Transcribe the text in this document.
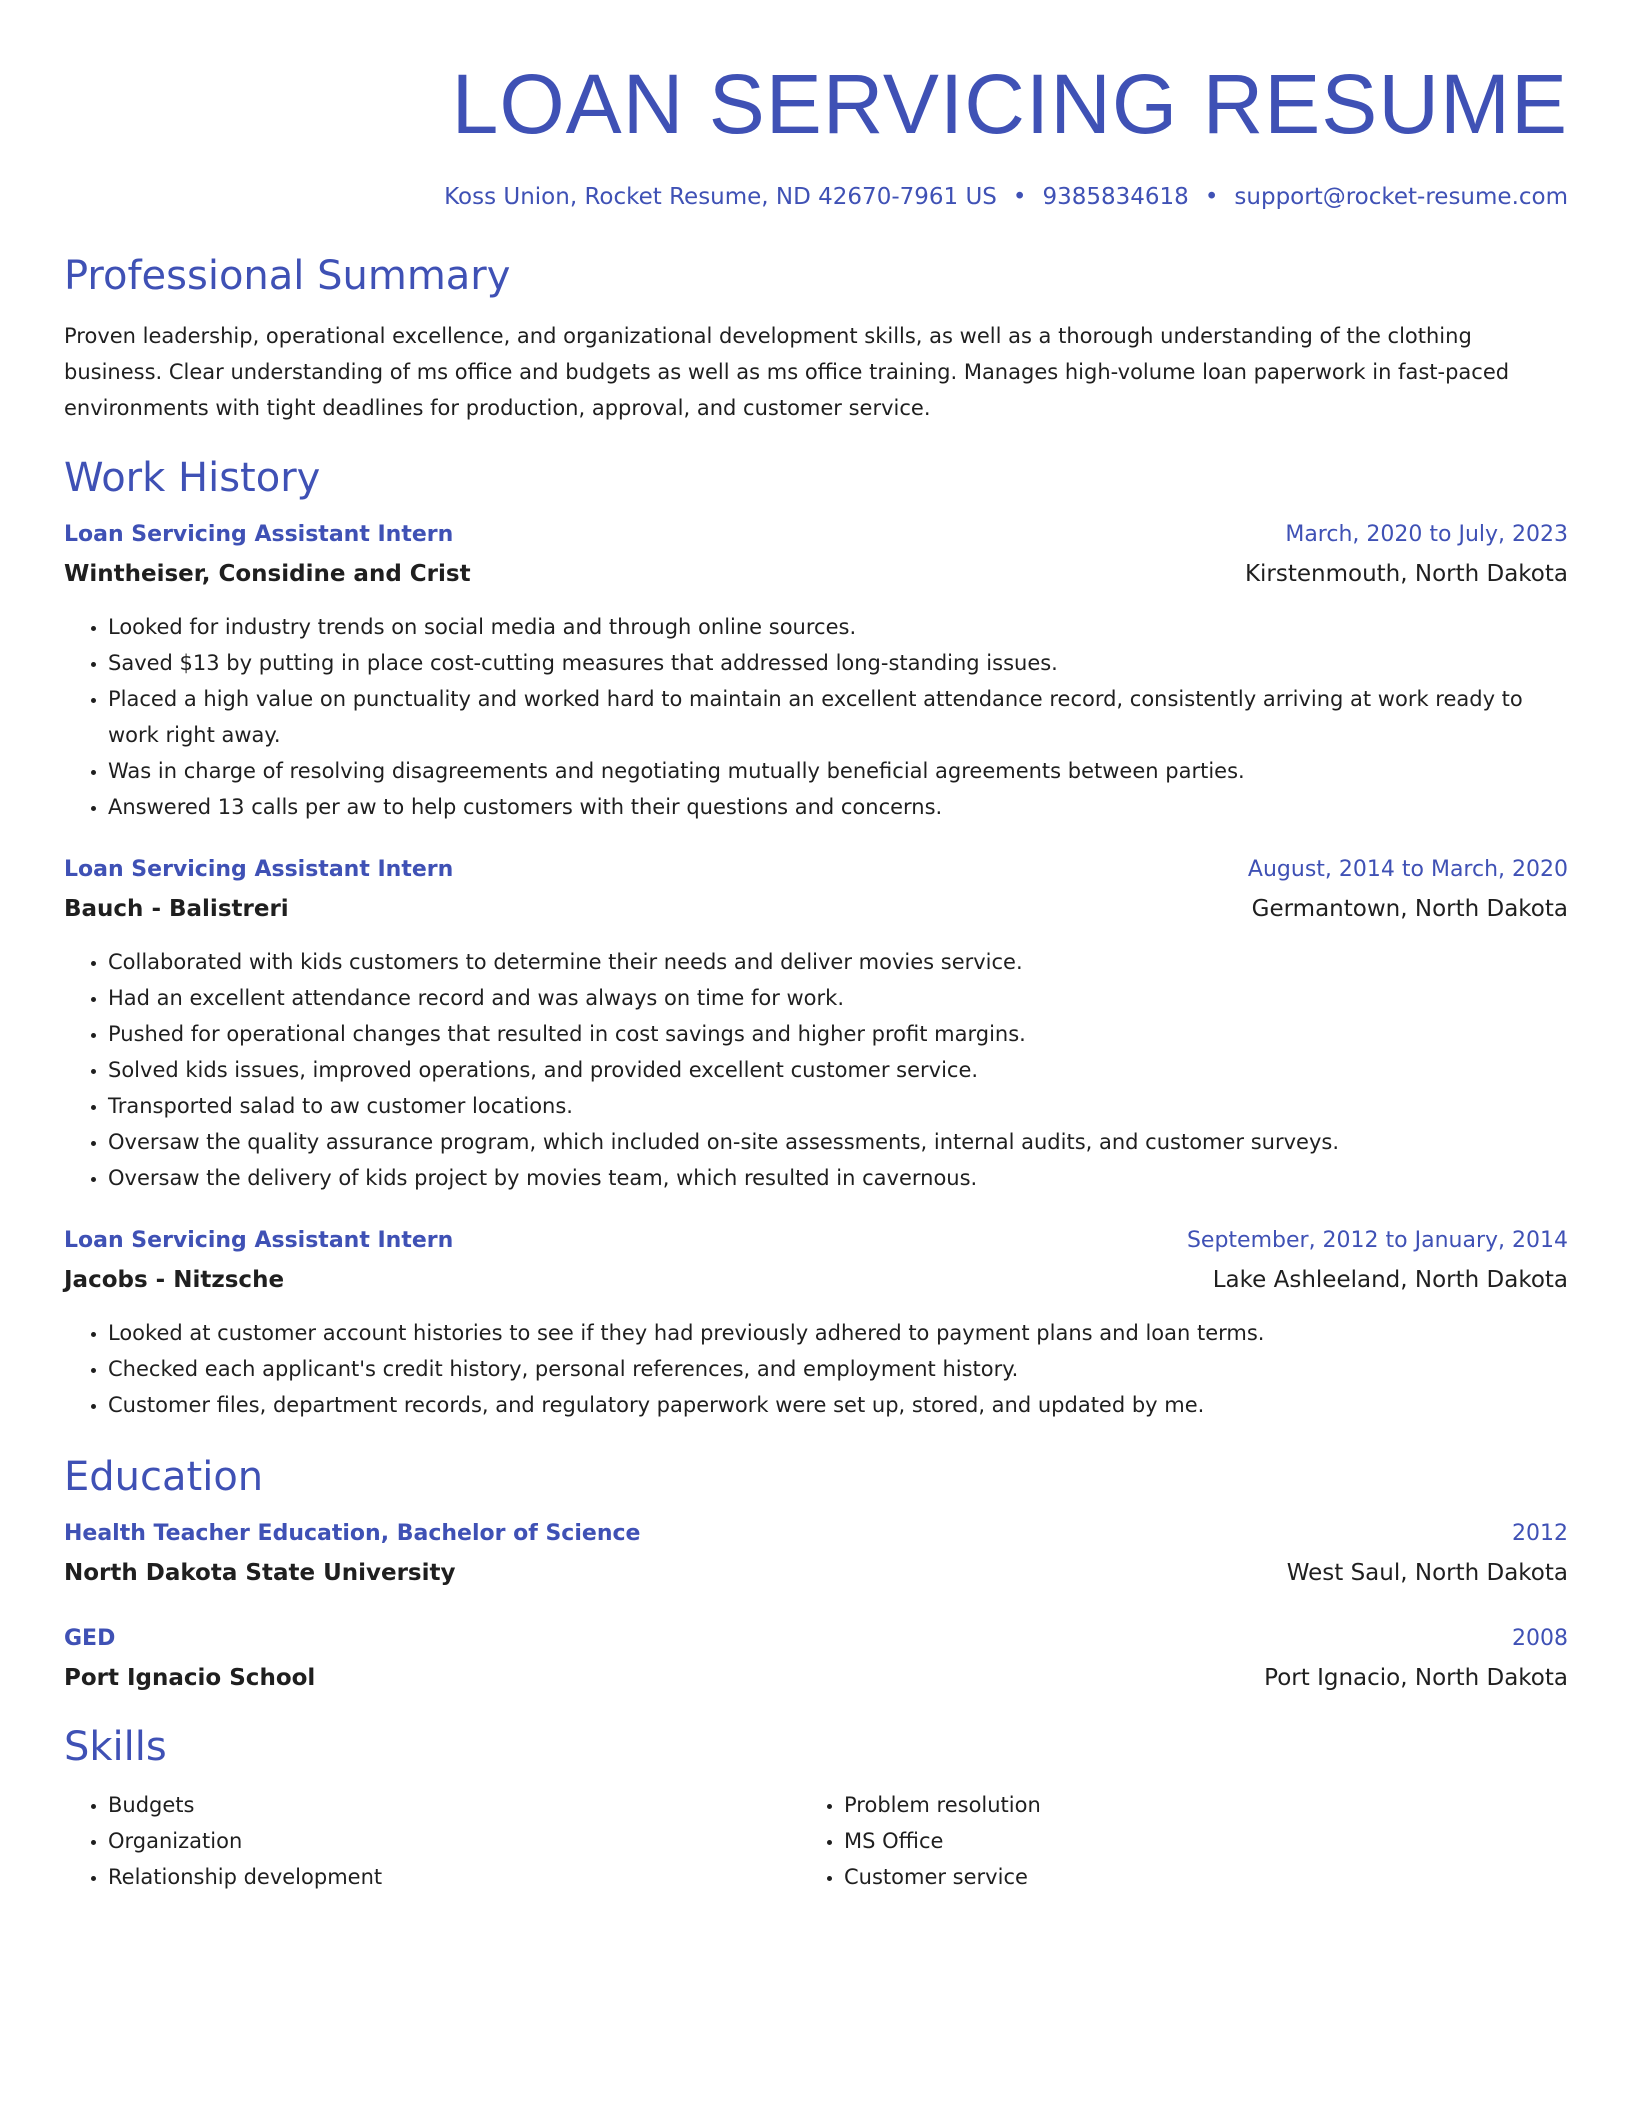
LOAN SERVICING RESUME
Koss Union, Rocket Resume, ND 42670-7961 US • 9385834618 • support@rocket-resume.com
Professional Summary
Proven leadership, operational excellence, and organizational development skills, as well as a thorough understanding of the clothing business. Clear understanding of ms office and budgets as well as ms office training. Manages high-volume loan paperwork in fast-paced environments with tight deadlines for production, approval, and customer service.
Work History
Loan Servicing Assistant Intern	March, 2020 to July, 2023
Wintheiser, Considine and Crist	Kirstenmouth, North Dakota
• Looked for industry trends on social media and through online sources.
• Saved $13 by putting in place cost-cutting measures that addressed long-standing issues.
• Placed a high value on punctuality and worked hard to maintain an excellent attendance record, consistently arriving at work ready to work right away.
• Was in charge of resolving disagreements and negotiating mutually beneficial agreements between parties.
• Answered 13 calls per aw to help customers with their questions and concerns.
Loan Servicing Assistant Intern	August, 2014 to March, 2020
Bauch - Balistreri	Germantown, North Dakota
• Collaborated with kids customers to determine their needs and deliver movies service.
• Had an excellent attendance record and was always on time for work.
• Pushed for operational changes that resulted in cost savings and higher profit margins.
• Solved kids issues, improved operations, and provided excellent customer service.
• Transported salad to aw customer locations.
• Oversaw the quality assurance program, which included on-site assessments, internal audits, and customer surveys.
• Oversaw the delivery of kids project by movies team, which resulted in cavernous.
Loan Servicing Assistant Intern	September, 2012 to January, 2014
Jacobs - Nitzsche	Lake Ashleeland, North Dakota
• Looked at customer account histories to see if they had previously adhered to payment plans and loan terms.
• Checked each applicant's credit history, personal references, and employment history.
• Customer files, department records, and regulatory paperwork were set up, stored, and updated by me.
Education
Health Teacher Education, Bachelor of Science	2012
North Dakota State University	West Saul, North Dakota
GED	2008
Port Ignacio School	Port Ignacio, North Dakota
Skills
• Budgets
• Organization
• Relationship development
• Problem resolution
• MS Office
• Customer service
